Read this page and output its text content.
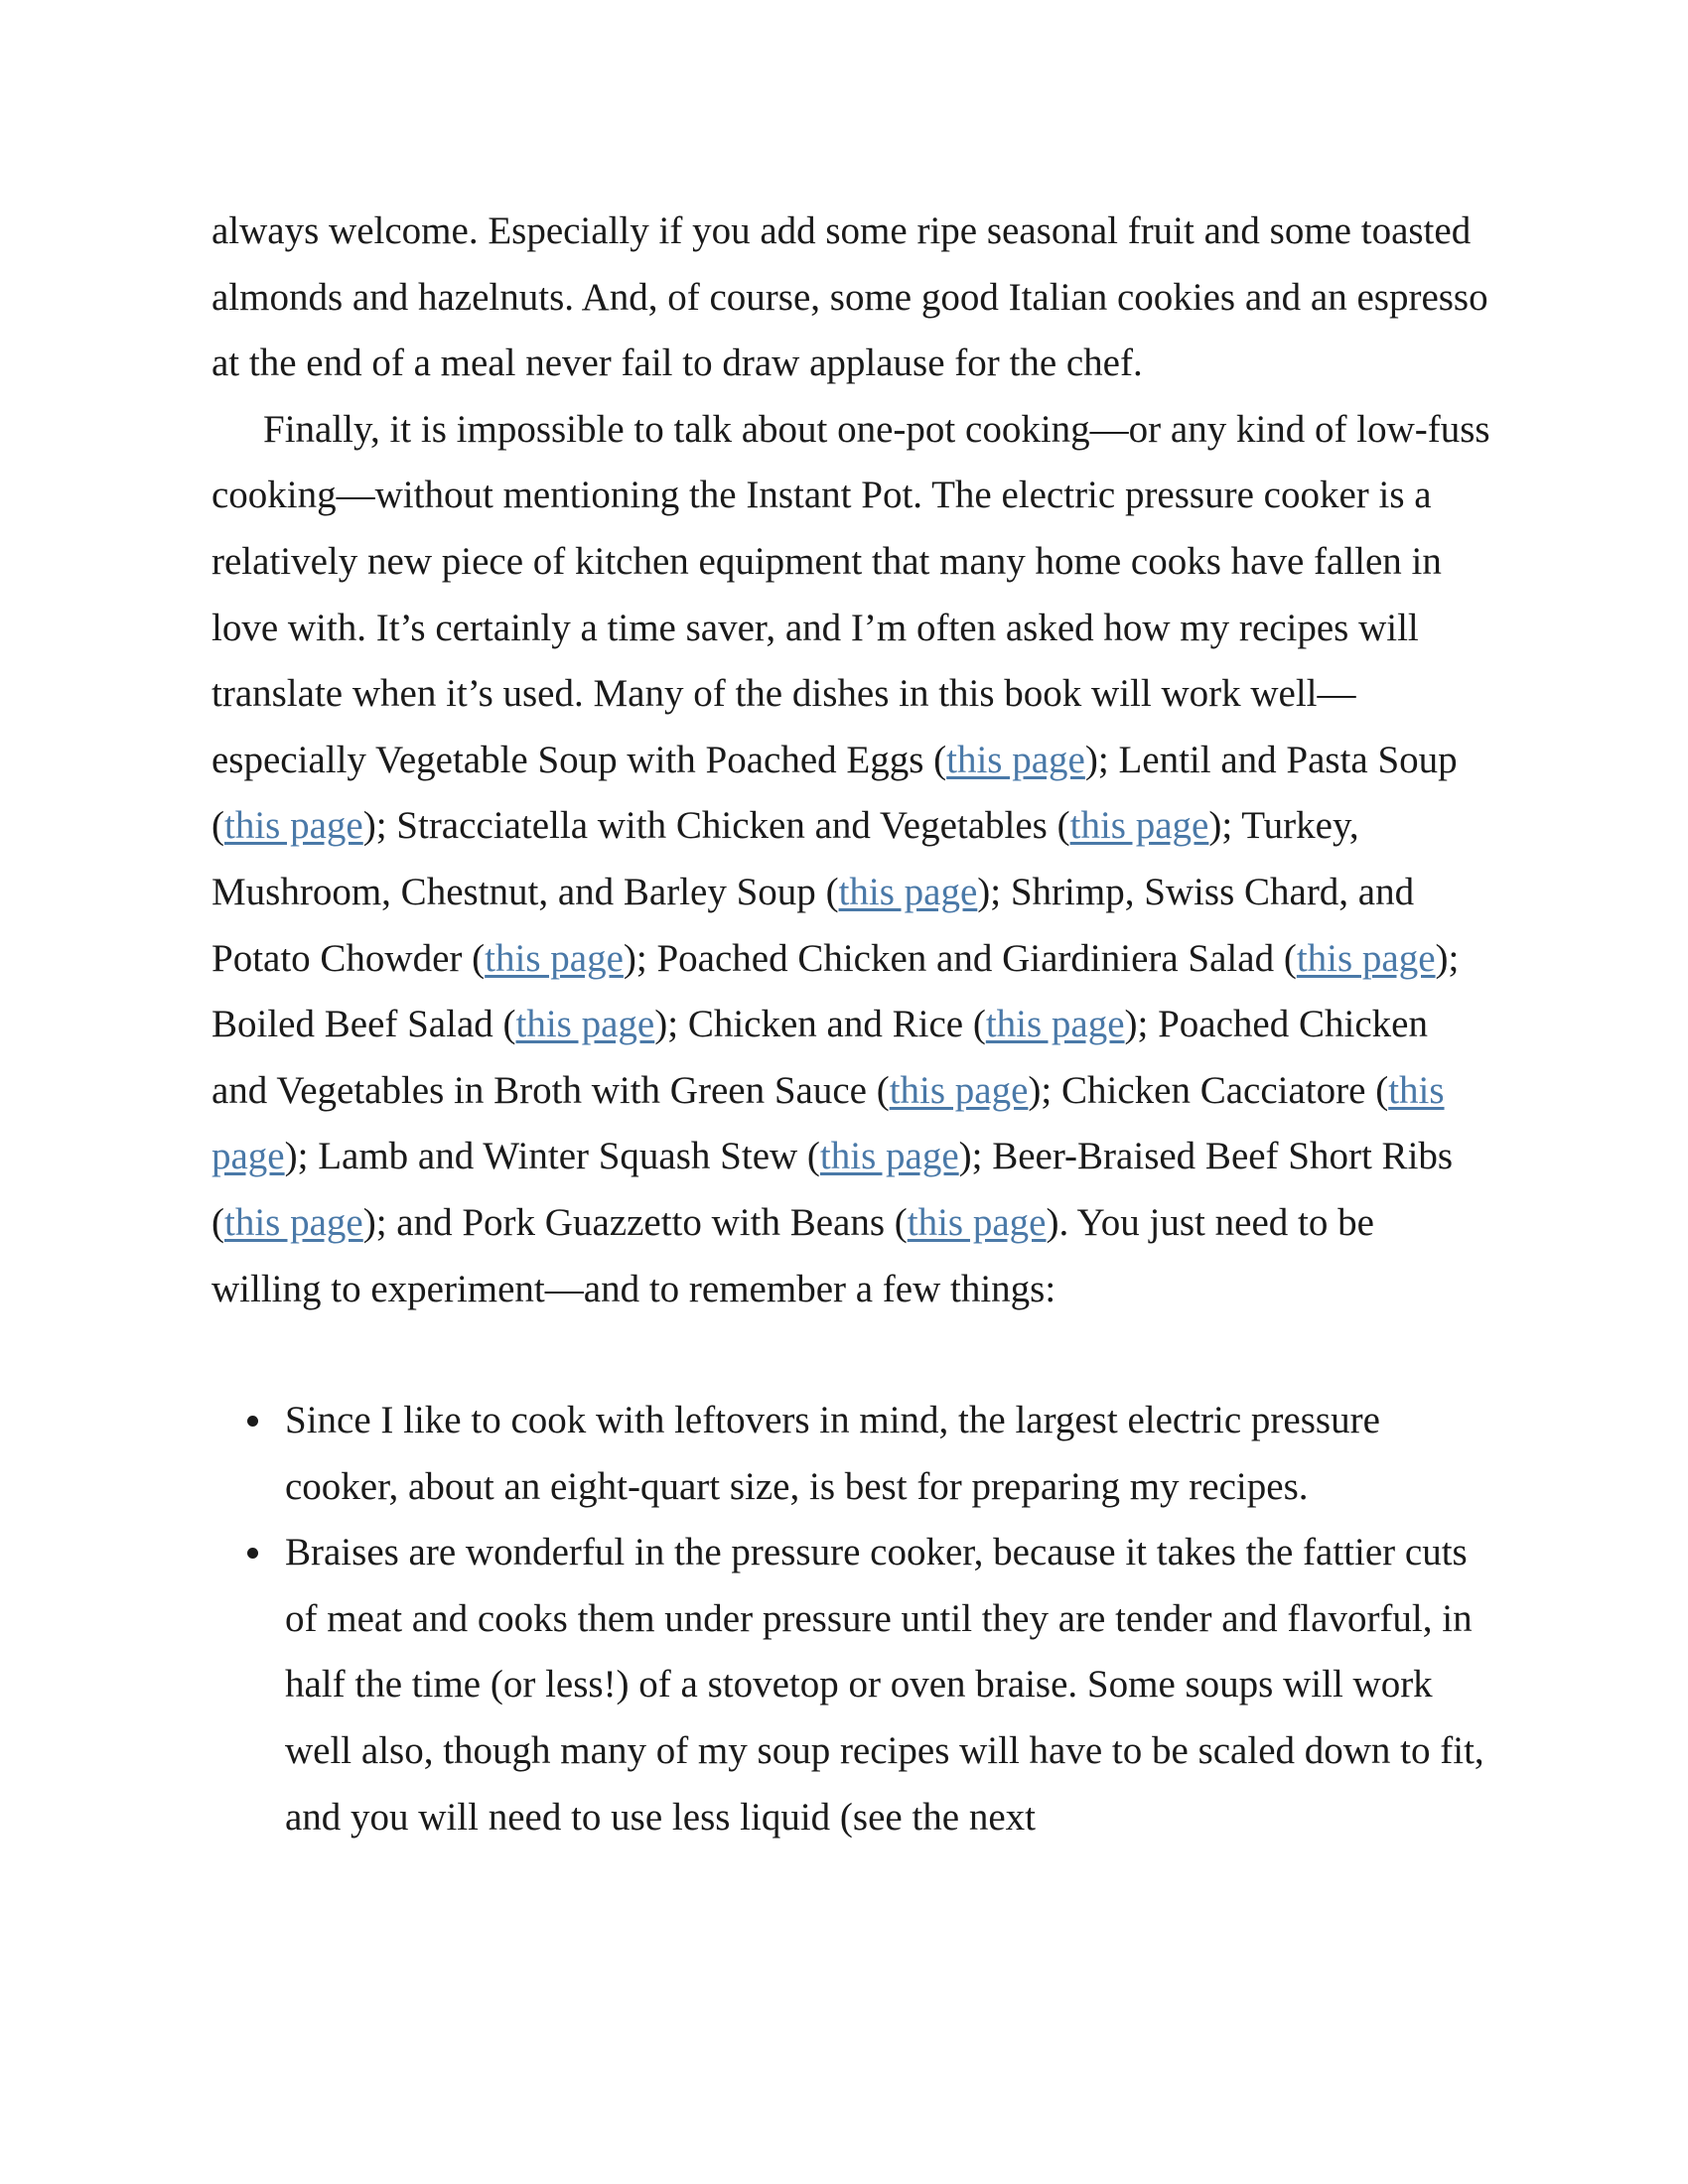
always welcome. Especially if you add some ripe seasonal fruit and some toasted almonds and hazelnuts. And, of course, some good Italian cookies and an espresso at the end of a meal never fail to draw applause for the chef.

Finally, it is impossible to talk about one-pot cooking—or any kind of low-fuss cooking—without mentioning the Instant Pot. The electric pressure cooker is a relatively new piece of kitchen equipment that many home cooks have fallen in love with. It’s certainly a time saver, and I’m often asked how my recipes will translate when it’s used. Many of the dishes in this book will work well—especially Vegetable Soup with Poached Eggs (this page); Lentil and Pasta Soup (this page); Stracciatella with Chicken and Vegetables (this page); Turkey, Mushroom, Chestnut, and Barley Soup (this page); Shrimp, Swiss Chard, and Potato Chowder (this page); Poached Chicken and Giardiniera Salad (this page); Boiled Beef Salad (this page); Chicken and Rice (this page); Poached Chicken and Vegetables in Broth with Green Sauce (this page); Chicken Cacciatore (this page); Lamb and Winter Squash Stew (this page); Beer-Braised Beef Short Ribs (this page); and Pork Guazzetto with Beans (this page). You just need to be willing to experiment—and to remember a few things:

Since I like to cook with leftovers in mind, the largest electric pressure cooker, about an eight-quart size, is best for preparing my recipes.
Braises are wonderful in the pressure cooker, because it takes the fattier cuts of meat and cooks them under pressure until they are tender and flavorful, in half the time (or less!) of a stovetop or oven braise. Some soups will work well also, though many of my soup recipes will have to be scaled down to fit, and you will need to use less liquid (see the next
